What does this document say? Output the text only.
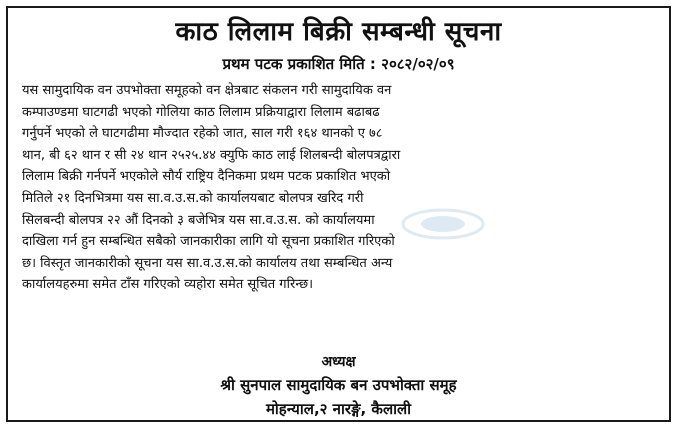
काठ लिलाम बिक्री सम्बन्धी सूचना
प्रथम पटक प्रकाशित मिति : २०८२/०२/०९
यस सामुदायिक वन उपभोक्ता समूहको वन क्षेत्रबाट संकलन गरी सामुदायिक वन
कम्पाउण्डमा घाटगढी भएको गोलिया काठ लिलाम प्रक्रियाद्वारा लिलाम बढाबढ
गर्नुपर्ने भएको ले घाटगढीमा मौज्दात रहेको जात, साल गरी १६४ थानको ए ७८
थान, बी ६२ थान र सी २४ थान २५२५.४४ क्युफि काठ लाई शिलबन्दी बोलपत्रद्वारा
लिलाम बिक्री गर्नपर्ने भएकोले सौर्य राष्ट्रिय दैनिकमा प्रथम पटक प्रकाशित भएको
मितिले २१ दिनभित्रमा यस सा.व.उ.स.को कार्यालयबाट बोलपत्र खरिद गरी
सिलबन्दी बोलपत्र २२ औं दिनको ३ बजेभित्र यस सा.व.उ.स. को कार्यालयमा
दाखिला गर्न हुन सम्बन्धित सबैको जानकारीका लागि यो सूचना प्रकाशित गरिएको
छ। विस्तृत जानकारीको सूचना यस सा.व.उ.स.को कार्यालय तथा सम्बन्धित अन्य
कार्यालयहरुमा समेत टाँस गरिएको व्यहोरा समेत सूचित गरिन्छ।
अध्यक्ष
श्री सुनपाल सामुदायिक बन उपभोक्ता समूह
मोहन्याल,२ नारङ्गे, कैलाली
